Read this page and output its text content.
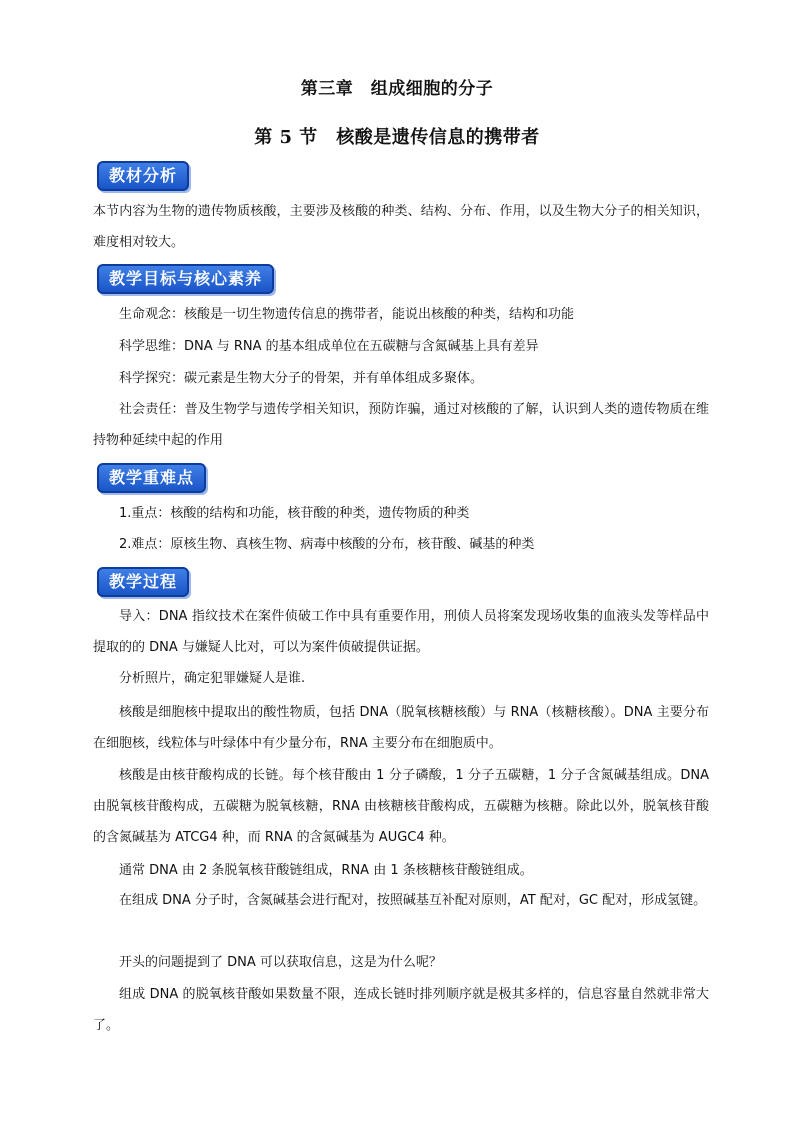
第三章　组成细胞的分子
第 5 节　核酸是遗传信息的携带者
教材分析

本节内容为生物的遗传物质核酸，主要涉及核酸的种类、结构、分布、作用，以及生物大分子的相关知识，难度相对较大。

教学目标与核心素养

生命观念：核酸是一切生物遗传信息的携带者，能说出核酸的种类，结构和功能

科学思维：DNA 与 RNA 的基本组成单位在五碳糖与含氮碱基上具有差异

科学探究：碳元素是生物大分子的骨架，并有单体组成多聚体。

社会责任：普及生物学与遗传学相关知识，预防诈骗，通过对核酸的了解，认识到人类的遗传物质在维持物种延续中起的作用

教学重难点

1.重点：核酸的结构和功能，核苷酸的种类，遗传物质的种类

2.难点：原核生物、真核生物、病毒中核酸的分布，核苷酸、碱基的种类

教学过程

导入：DNA 指纹技术在案件侦破工作中具有重要作用，刑侦人员将案发现场收集的血液头发等样品中提取的的 DNA 与嫌疑人比对，可以为案件侦破提供证据。

分析照片，确定犯罪嫌疑人是谁.

核酸是细胞核中提取出的酸性物质，包括 DNA（脱氧核糖核酸）与 RNA（核糖核酸）。DNA 主要分布在细胞核，线粒体与叶绿体中有少量分布，RNA 主要分布在细胞质中。

核酸是由核苷酸构成的长链。每个核苷酸由 1 分子磷酸，1 分子五碳糖，1 分子含氮碱基组成。DNA 由脱氧核苷酸构成，五碳糖为脱氧核糖，RNA 由核糖核苷酸构成，五碳糖为核糖。除此以外，脱氧核苷酸的含氮碱基为 ATCG4 种，而 RNA 的含氮碱基为 AUGC4 种。

通常 DNA 由 2 条脱氧核苷酸链组成，RNA 由 1 条核糖核苷酸链组成。

在组成 DNA 分子时，含氮碱基会进行配对，按照碱基互补配对原则，AT 配对，GC 配对，形成氢键。

开头的问题提到了 DNA 可以获取信息，这是为什么呢？

组成 DNA 的脱氧核苷酸如果数量不限，连成长链时排列顺序就是极其多样的，信息容量自然就非常大了。
